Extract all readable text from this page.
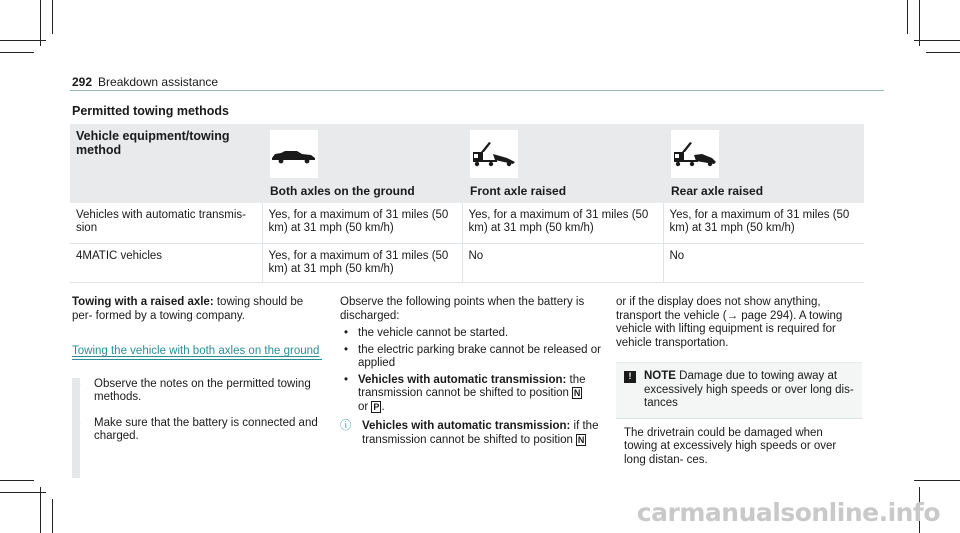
292 Breakdown assistance
Permitted towing methods
Vehicle equipment/towing method	Both axles on the ground	Front axle raised	Rear axle raised

Vehicles with automatic transmis- sion	Yes, for a maximum of 31 miles (50 km) at 31 mph (50 km/h)	Yes, for a maximum of 31 miles (50 km) at 31 mph (50 km/h)	Yes, for a maximum of 31 miles (50 km) at 31 mph (50 km/h)
4MATIC vehicles	Yes, for a maximum of 31 miles (50 km) at 31 mph (50 km/h)	No	No

Towing with a raised axle: towing should be per- formed by a towing company.

Towing the vehicle with both axles on the ground
Observe the notes on the permitted towing methods.
Make sure that the battery is connected and charged.

Observe the following points when the battery is discharged:

• the vehicle cannot be started.
• the electric parking brake cannot be released or applied
• Vehicles with automatic transmission: the transmission cannot be shifted to position N
or P .
ⓘ Vehicles with automatic transmission: if the transmission cannot be shifted to position N

or if the display does not show anything, transport the vehicle (→ page 294). A towing vehicle with lifting equipment is required for vehicle transportation.

!	NOTE Damage due to towing away at excessively high speeds or over long dis- tances
The drivetrain could be damaged when towing at excessively high speeds or over long distan- ces.
carmanualsonline.info
